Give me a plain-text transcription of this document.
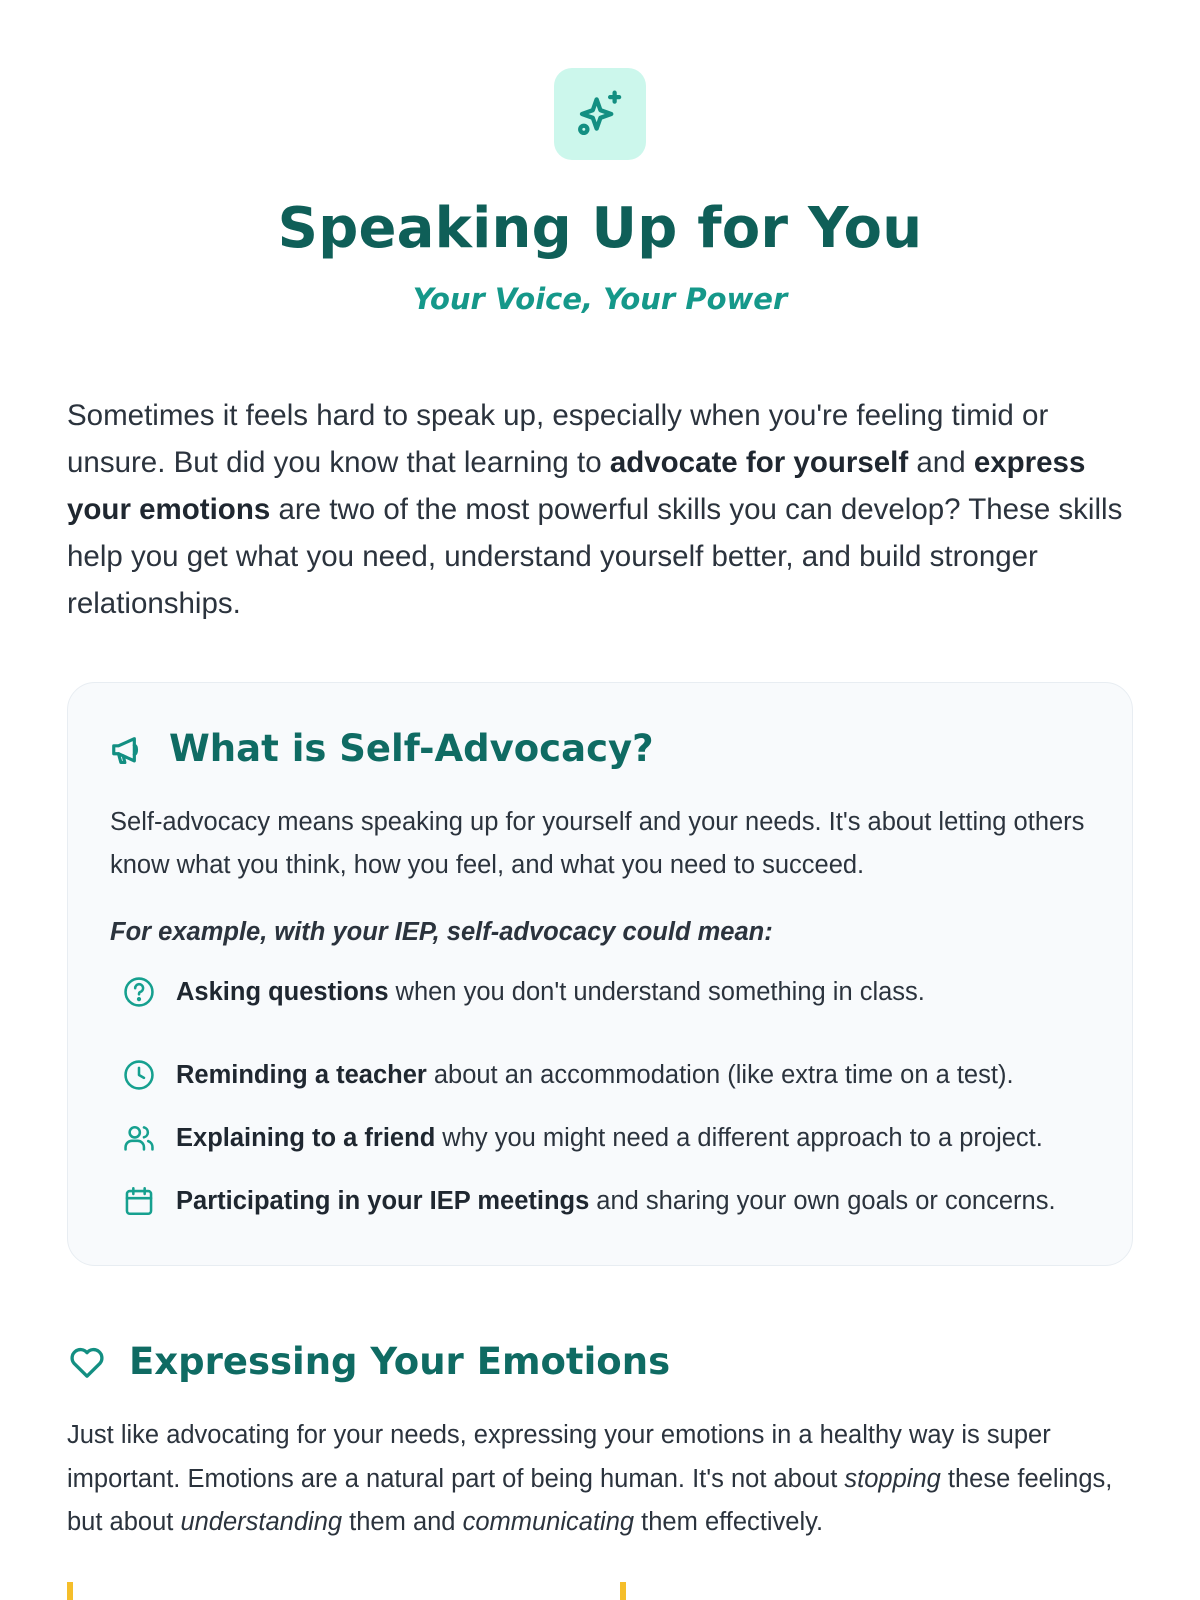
Speaking Up for You

Your Voice, Your Power

Sometimes it feels hard to speak up, especially when you're feeling timid or unsure. But did you know that learning to advocate for yourself and express your emotions are two of the most powerful skills you can develop? These skills help you get what you need, understand yourself better, and build stronger relationships.

What is Self-Advocacy?

Self-advocacy means speaking up for yourself and your needs. It's about letting others know what you think, how you feel, and what you need to succeed.

For example, with your IEP, self-advocacy could mean:

Asking questions when you don't understand something in class.
Reminding a teacher about an accommodation (like extra time on a test).
Explaining to a friend why you might need a different approach to a project.
Participating in your IEP meetings and sharing your own goals or concerns.
Expressing Your Emotions

Just like advocating for your needs, expressing your emotions in a healthy way is super important. Emotions are a natural part of being human. It's not about stopping these feelings, but about understanding them and communicating them effectively.
